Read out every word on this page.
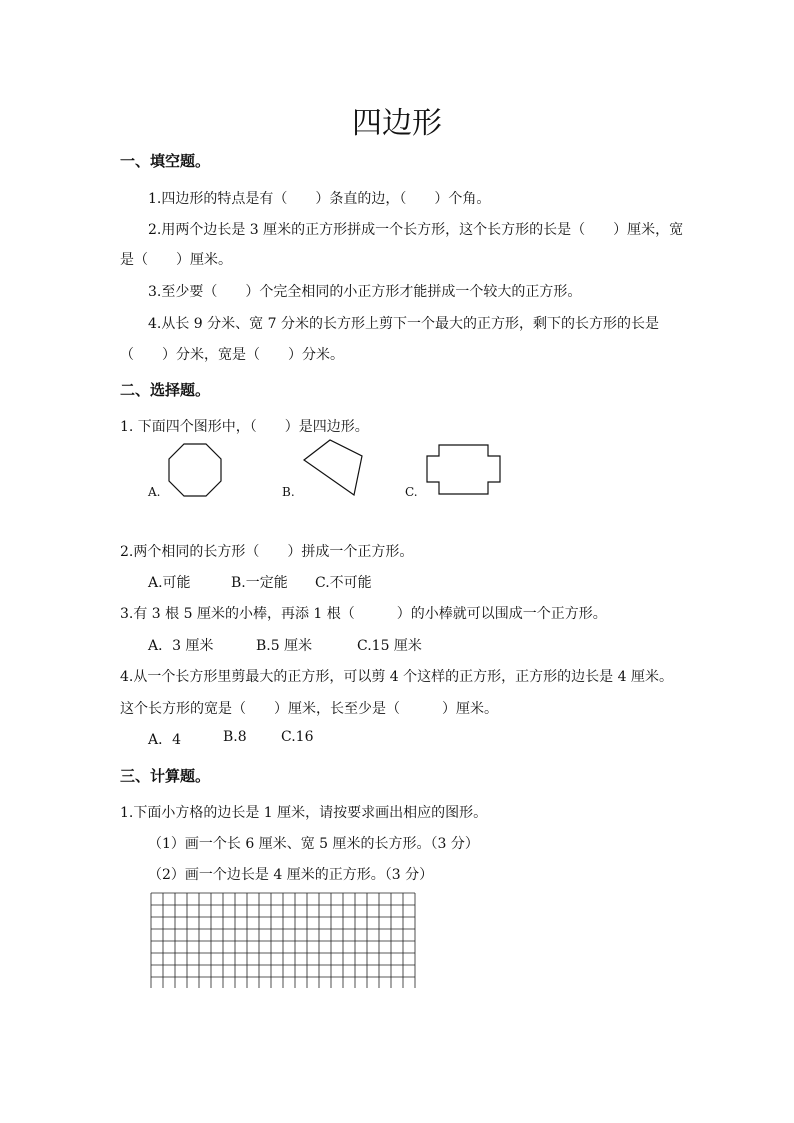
四边形
一、填空题。
1.四边形的特点是有（　　）条直的边，（　　）个角。
2.用两个边长是 3 厘米的正方形拼成一个长方形，这个长方形的长是（　　）厘米，宽
是（　　）厘米。
3.至少要（　　）个完全相同的小正方形才能拼成一个较大的正方形。
4.从长 9 分米、宽 7 分米的长方形上剪下一个最大的正方形，剩下的长方形的长是
（　　）分米，宽是（　　）分米。
二、选择题。
1. 下面四个图形中，（　　）是四边形。
A.	B.	C.
2.两个相同的长方形（　　）拼成一个正方形。
A.可能	B.一定能 C.不可能
3.有 3 根 5 厘米的小棒，再添 1 根（　　　）的小棒就可以围成一个正方形。
A．3 厘米	B.5 厘米	C.15 厘米
4.从一个长方形里剪最大的正方形，可以剪 4 个这样的正方形，正方形的边长是 4 厘米。
这个长方形的宽是（　　）厘米，长至少是（　　　）厘米。
A．4	B.8 C.16
三、计算题。
1.下面小方格的边长是 1 厘米，请按要求画出相应的图形。
（1）画一个长 6 厘米、宽 5 厘米的长方形。（3 分）
（2）画一个边长是 4 厘米的正方形。（3 分）
